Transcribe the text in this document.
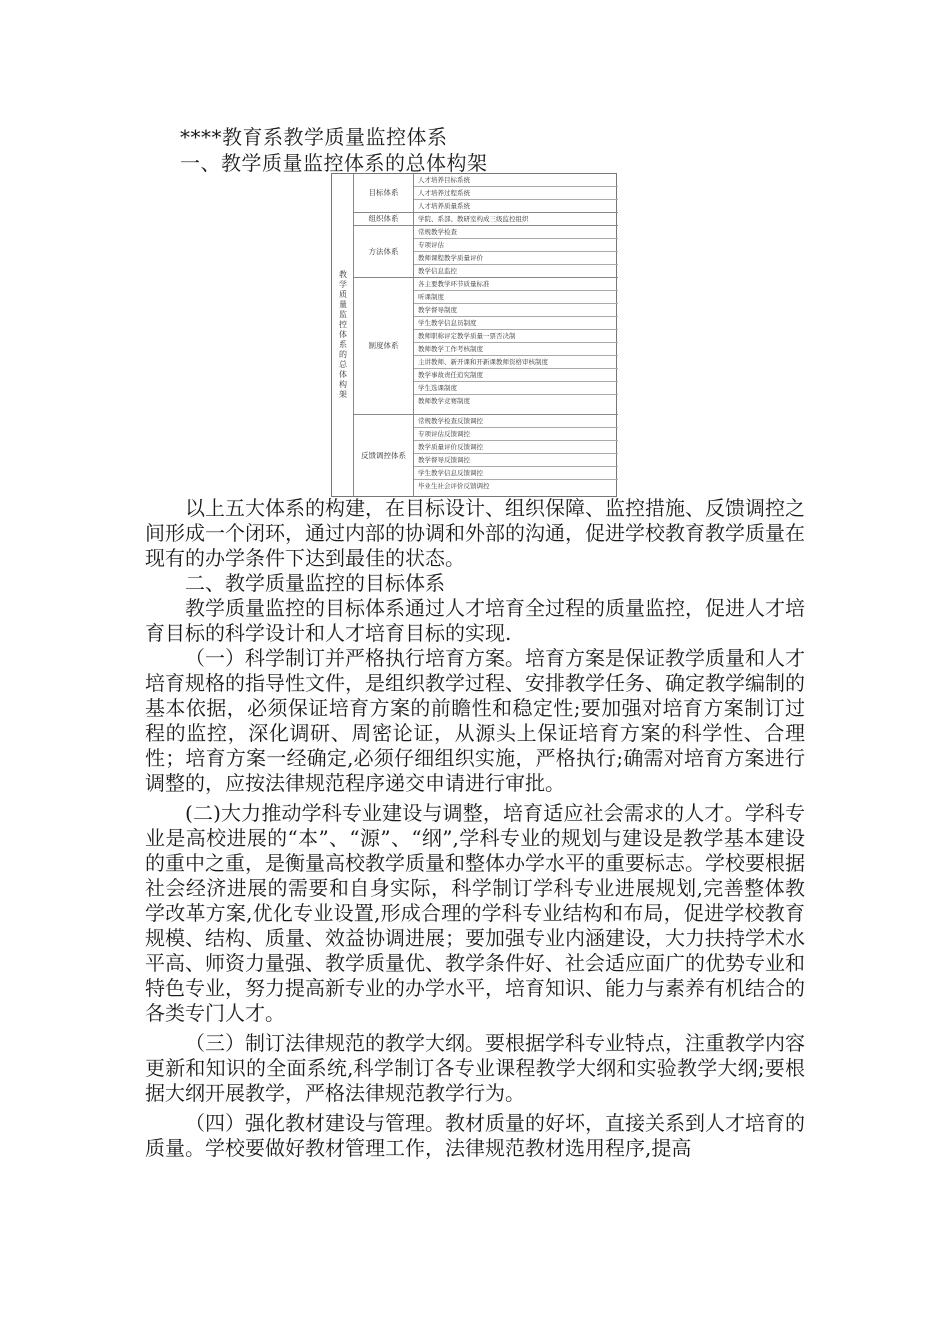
****教育系教学质量监控体系
一、教学质量监控体系的总体构架
教学质量监控体系的总体构架
目标体系
人才培养目标系统
人才培养过程系统
人才培养质量系统
组织体系	学院、系部、教研室构成三级监控组织
方法体系
常规教学检查
专项评估
教师课程教学质量评价
教学信息监控
制度体系
各主要教学环节质量标准
听课制度
教学督导制度
学生教学信息员制度
教师职称评定教学质量一票否决制
教师教学工作考核制度
主讲教师、新开课和开新课教师资格审核制度
教学事故责任追究制度
学生选课制度
教师教学竞赛制度
反馈调控体系
常规教学检查反馈调控
专项评估反馈调控
教学质量评价反馈调控
教学督导反馈调控
学生教学信息反馈调控
毕业生社会评价反馈调控

以上五大体系的构建，在目标设计、组织保障、监控措施、反馈调控之间形成一个闭环，通过内部的协调和外部的沟通，促进学校教育教学质量在现有的办学条件下达到最佳的状态。

二、教学质量监控的目标体系

教学质量监控的目标体系通过人才培育全过程的质量监控，促进人才培育目标的科学设计和人才培育目标的实现.

（一）科学制订并严格执行培育方案。培育方案是保证教学质量和人才培育规格的指导性文件，是组织教学过程、安排教学任务、确定教学编制的基本依据，必须保证培育方案的前瞻性和稳定性;要加强对培育方案制订过程的监控，深化调研、周密论证，从源头上保证培育方案的科学性、合理性；培育方案一经确定,必须仔细组织实施，严格执行;确需对培育方案进行调整的，应按法律规范程序递交申请进行审批。

(二)大力推动学科专业建设与调整，培育适应社会需求的人才。学科专业是高校进展的“本”、“源”、“纲”,学科专业的规划与建设是教学基本建设的重中之重，是衡量高校教学质量和整体办学水平的重要标志。学校要根据社会经济进展的需要和自身实际，科学制订学科专业进展规划,完善整体教学改革方案,优化专业设置,形成合理的学科专业结构和布局，促进学校教育规模、结构、质量、效益协调进展；要加强专业内涵建设，大力扶持学术水平高、师资力量强、教学质量优、教学条件好、社会适应面广的优势专业和特色专业，努力提高新专业的办学水平，培育知识、能力与素养有机结合的各类专门人才。

（三）制订法律规范的教学大纲。要根据学科专业特点，注重教学内容更新和知识的全面系统,科学制订各专业课程教学大纲和实验教学大纲;要根据大纲开展教学，严格法律规范教学行为。

（四）强化教材建设与管理。教材质量的好坏，直接关系到人才培育的质量。学校要做好教材管理工作，法律规范教材选用程序,提高
